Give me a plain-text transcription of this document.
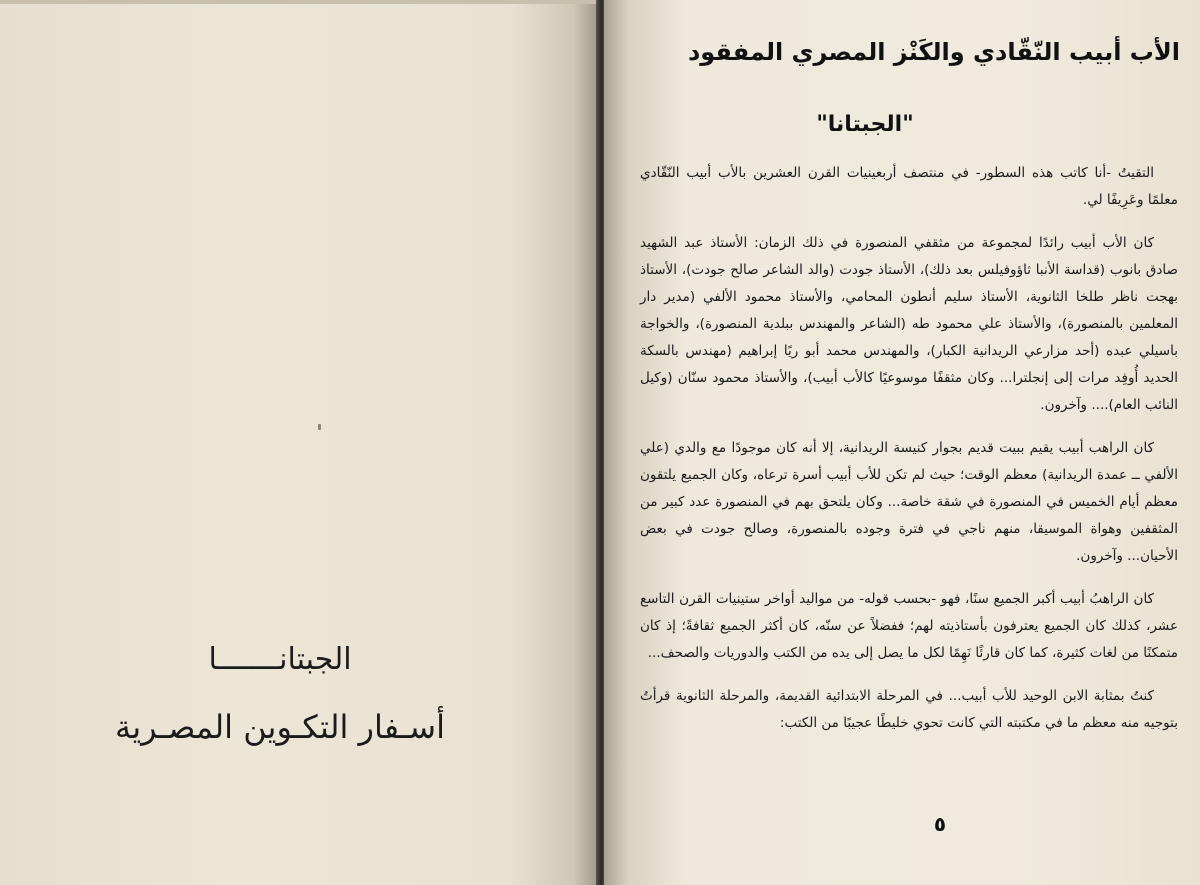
الجبتانـــــــا
أسـفار التكـوين المصـرية
الأب أبيب النّقّادي والكَنْز المصري المفقود
"الجبتانا"

التقيتُ -أنا كاتب هذه السطور- في منتصف أربعينيات القرن العشرين بالأب أبيب النّقّادي معلمًا وعَرِيفًا لي.

كان الأب أبيب رائدًا لمجموعة من مثقفي المنصورة في ذلك الزمان: الأستاذ عبد الشهيد صادق بانوب (قداسة الأنبا ثاؤوفيلس بعد ذلك)، الأستاذ جودت (والد الشاعر صالح جودت)، الأستاذ بهجت ناظر طلخا الثانوية، الأستاذ سليم أنطون المحامي، والأستاذ محمود الألفي (مدير دار المعلمين بالمنصورة)، والأستاذ علي محمود طه (الشاعر والمهندس ببلدية المنصورة)، والخواجة باسيلي عبده (أحد مزارعي الريدانية الكبار)، والمهندس محمد أبو ريًا إبراهيم (مهندس بالسكة الحديد أُوفِد مرات إلى إنجلترا... وكان مثقفًا موسوعيًا كالأب أبيب)، والأستاذ محمود سنّان (وكيل النائب العام).... وآخرون.

كان الراهب أبيب يقيم ببيت قديم بجوار كنيسة الريدانية، إلا أنه كان موجودًا مع والدي (علي الألفي ــ عمدة الريدانية) معظم الوقت؛ حيث لم تكن للأب أبيب أسرة ترعاه، وكان الجميع يلتقون معظم أيام الخميس في المنصورة في شقة خاصة... وكان يلتحق بهم في المنصورة عدد كبير من المثقفين وهواة الموسيقا، منهم ناجي في فترة وجوده بالمنصورة، وصالح جودت في بعض الأحيان... وآخرون.

كان الراهبُ أبيب أكبر الجميع سنًا، فهو -بحسب قوله- من مواليد أواخر ستينيات القرن التاسع عشر، كذلك كان الجميع يعترفون بأستاذيته لهم؛ ففضلاً عن سنّه، كان أكثر الجميع ثقافةً؛ إذ كان متمكنًا من لغات كثيرة، كما كان قارئًا نَهِمًا لكل ما يصل إلى يده من الكتب والدوريات والصحف...

كنتُ بمثابة الابن الوحيد للأب أبيب... في المرحلة الابتدائية القديمة، والمرحلة الثانوية قرأتُ بتوجيه منه معظم ما في مكتبته التي كانت تحوي خليطًا عجيبًا من الكتب:

٥
